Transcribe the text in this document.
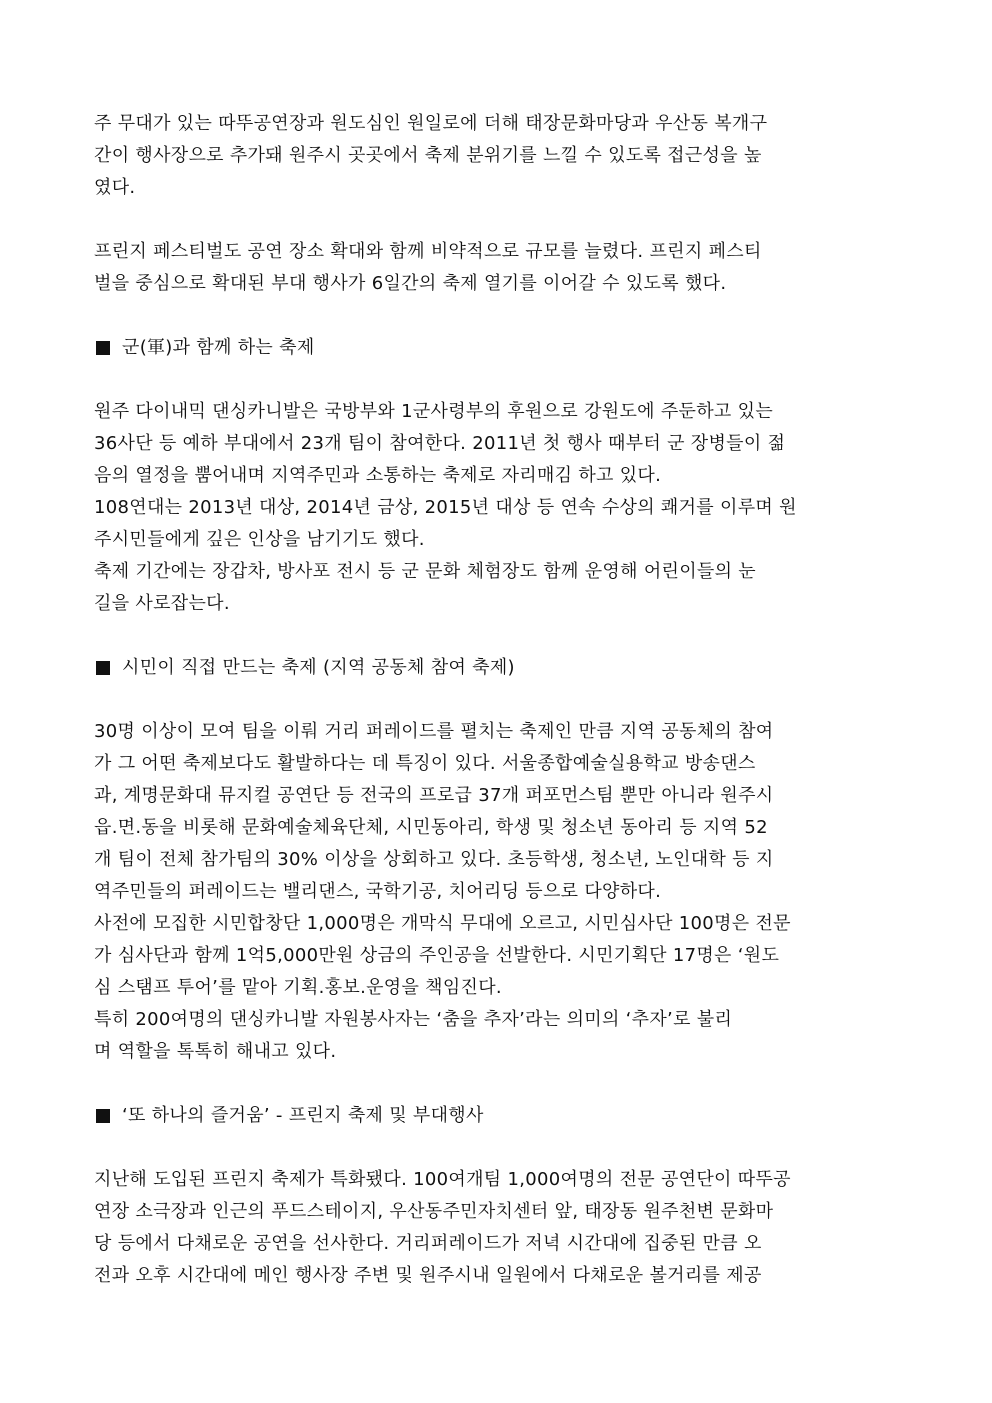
주 무대가 있는 따뚜공연장과 원도심인 원일로에 더해 태장문화마당과 우산동 복개구
간이 행사장으로 추가돼 원주시 곳곳에서 축제 분위기를 느낄 수 있도록 접근성을 높
였다.

프린지 페스티벌도 공연 장소 확대와 함께 비약적으로 규모를 늘렸다. 프린지 페스티
벌을 중심으로 확대된 부대 행사가 6일간의 축제 열기를 이어갈 수 있도록 했다.

군(軍)과 함께 하는 축제

원주 다이내믹 댄싱카니발은 국방부와 1군사령부의 후원으로 강원도에 주둔하고 있는
36사단 등 예하 부대에서 23개 팀이 참여한다. 2011년 첫 행사 때부터 군 장병들이 젊
음의 열정을 뿜어내며 지역주민과 소통하는 축제로 자리매김 하고 있다.
108연대는 2013년 대상, 2014년 금상, 2015년 대상 등 연속 수상의 쾌거를 이루며 원
주시민들에게 깊은 인상을 남기기도 했다.
축제 기간에는 장갑차, 방사포 전시 등 군 문화 체험장도 함께 운영해 어린이들의 눈
길을 사로잡는다.

시민이 직접 만드는 축제 (지역 공동체 참여 축제)

30명 이상이 모여 팀을 이뤄 거리 퍼레이드를 펼치는 축제인 만큼 지역 공동체의 참여
가 그 어떤 축제보다도 활발하다는 데 특징이 있다. 서울종합예술실용학교 방송댄스
과, 계명문화대 뮤지컬 공연단 등 전국의 프로급 37개 퍼포먼스팀 뿐만 아니라 원주시
읍.면.동을 비롯해 문화예술체육단체, 시민동아리, 학생 및 청소년 동아리 등 지역 52
개 팀이 전체 참가팀의 30% 이상을 상회하고 있다. 초등학생, 청소년, 노인대학 등 지
역주민들의 퍼레이드는 밸리댄스, 국학기공, 치어리딩 등으로 다양하다.
사전에 모집한 시민합창단 1,000명은 개막식 무대에 오르고, 시민심사단 100명은 전문
가 심사단과 함께 1억5,000만원 상금의 주인공을 선발한다. 시민기획단 17명은 ‘원도
심 스탬프 투어’를 맡아 기획.홍보.운영을 책임진다.
특히 200여명의 댄싱카니발 자원봉사자는 ‘춤을 추자’라는 의미의 ‘추자’로 불리
며 역할을 톡톡히 해내고 있다.

‘또 하나의 즐거움’ - 프린지 축제 및 부대행사

지난해 도입된 프린지 축제가 특화됐다. 100여개팀 1,000여명의 전문 공연단이 따뚜공
연장 소극장과 인근의 푸드스테이지, 우산동주민자치센터 앞, 태장동 원주천변 문화마
당 등에서 다채로운 공연을 선사한다. 거리퍼레이드가 저녁 시간대에 집중된 만큼 오
전과 오후 시간대에 메인 행사장 주변 및 원주시내 일원에서 다채로운 볼거리를 제공
